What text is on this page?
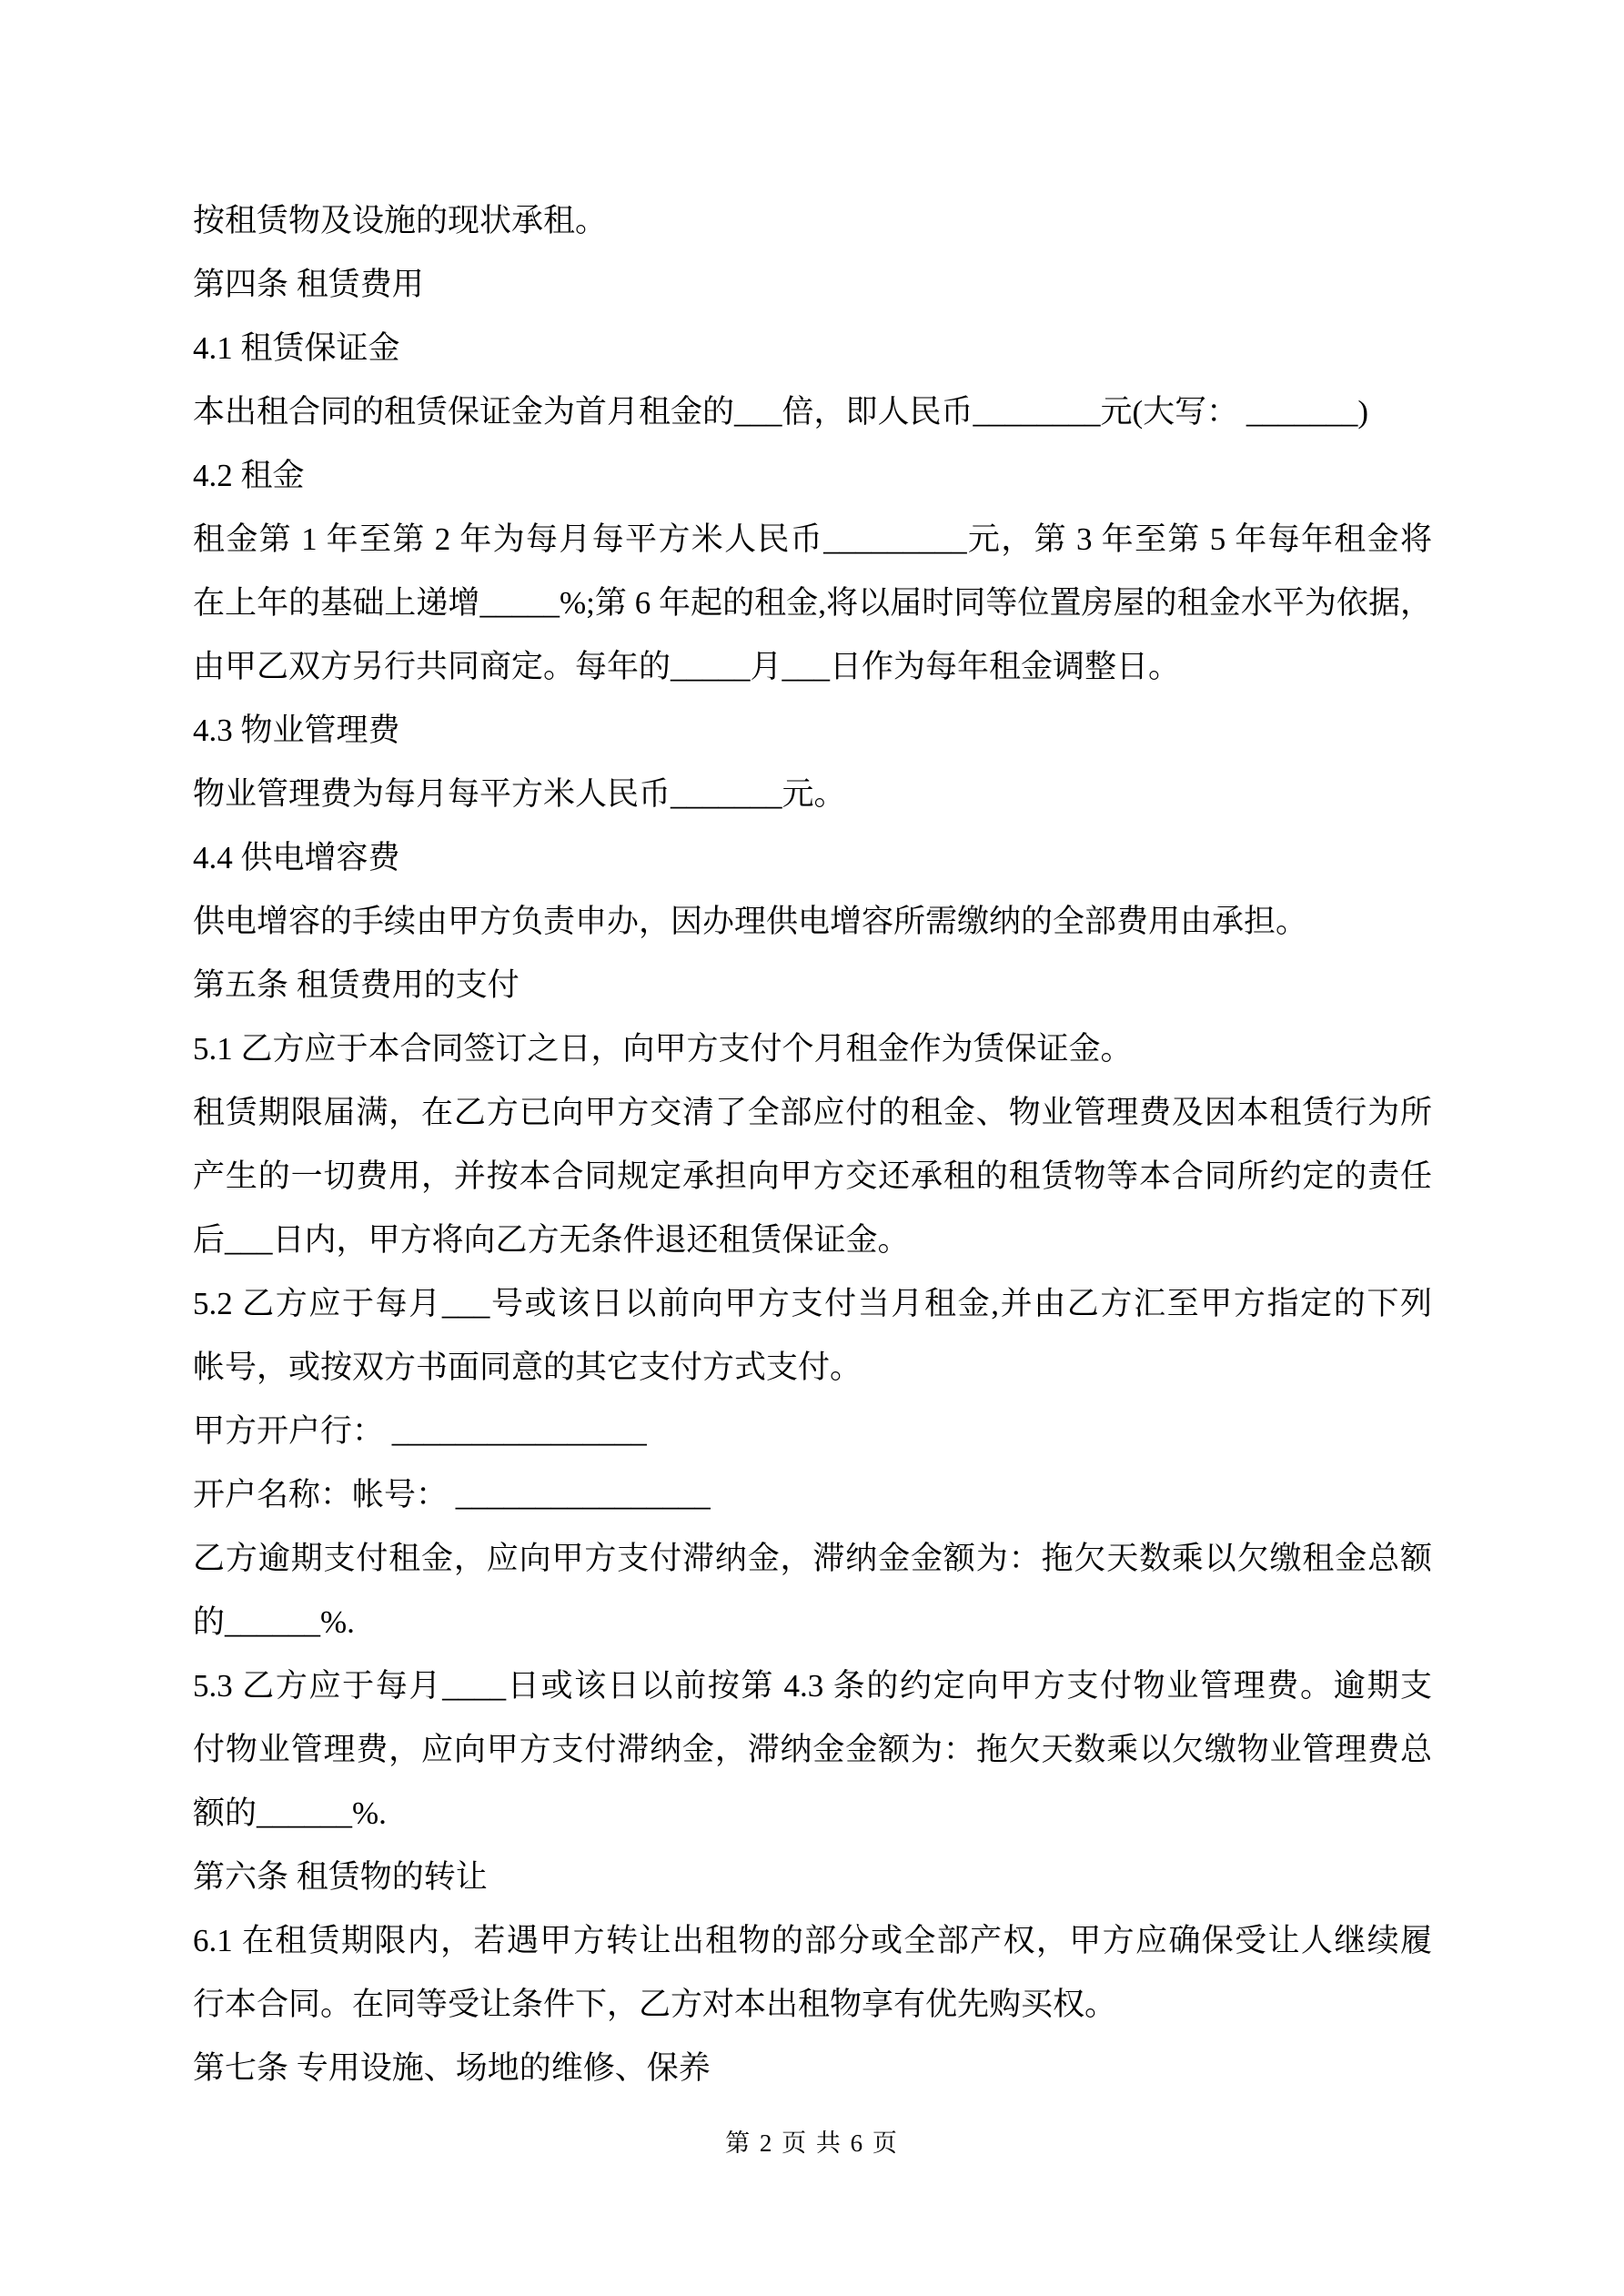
按租赁物及设施的现状承租。
第四条 租赁费用
4.1 租赁保证金
本出租合同的租赁保证金为首月租金的___倍，即人民币________元(大写： _______)
4.2 租金
租金第 1 年至第 2 年为每月每平方米人民币_________元，第 3 年至第 5 年每年租金将
在上年的基础上递增_____%;第 6 年起的租金,将以届时同等位置房屋的租金水平为依据，
由甲乙双方另行共同商定。每年的_____月___日作为每年租金调整日。
4.3 物业管理费
物业管理费为每月每平方米人民币_______元。
4.4 供电增容费
供电增容的手续由甲方负责申办，因办理供电增容所需缴纳的全部费用由承担。
第五条 租赁费用的支付
5.1 乙方应于本合同签订之日，向甲方支付个月租金作为赁保证金。
租赁期限届满，在乙方已向甲方交清了全部应付的租金、物业管理费及因本租赁行为所
产生的一切费用，并按本合同规定承担向甲方交还承租的租赁物等本合同所约定的责任
后___日内，甲方将向乙方无条件退还租赁保证金。
5.2 乙方应于每月___号或该日以前向甲方支付当月租金,并由乙方汇至甲方指定的下列
帐号，或按双方书面同意的其它支付方式支付。
甲方开户行： ________________
开户名称：帐号： ________________
乙方逾期支付租金，应向甲方支付滞纳金，滞纳金金额为：拖欠天数乘以欠缴租金总额
的______%.
5.3 乙方应于每月____日或该日以前按第 4.3 条的约定向甲方支付物业管理费。逾期支
付物业管理费，应向甲方支付滞纳金，滞纳金金额为：拖欠天数乘以欠缴物业管理费总
额的______%.
第六条 租赁物的转让
6.1 在租赁期限内，若遇甲方转让出租物的部分或全部产权，甲方应确保受让人继续履
行本合同。在同等受让条件下，乙方对本出租物享有优先购买权。
第七条 专用设施、场地的维修、保养
第 2 页 共 6 页
